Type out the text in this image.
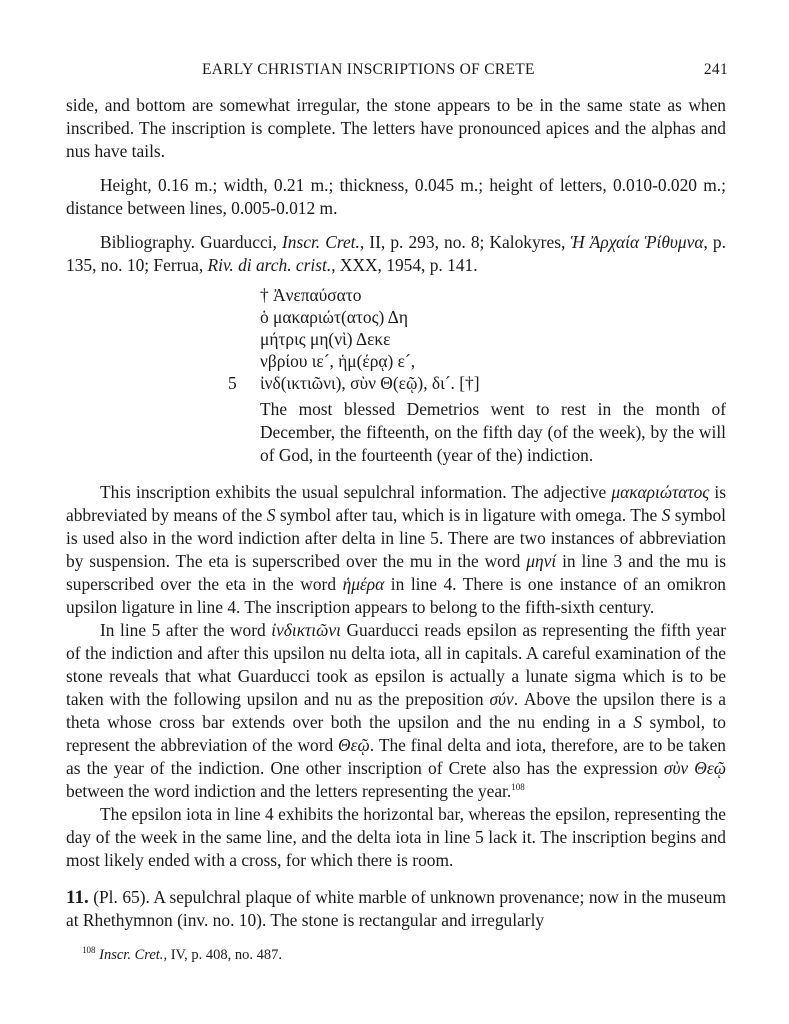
EARLY CHRISTIAN INSCRIPTIONS OF CRETE	241

side, and bottom are somewhat irregular, the stone appears to be in the same state as when inscribed. The inscription is complete. The letters have pronounced apices and the alphas and nus have tails.

Height, 0.16 m.; width, 0.21 m.; thickness, 0.045 m.; height of letters, 0.010-0.020 m.; distance between lines, 0.005-0.012 m.

Bibliography. Guarducci, Inscr. Cret., II, p. 293, no. 8; Kalokyres, Ἡ Ἀρχαία Ῥίθυμνα, p. 135, no. 10; Ferrua, Riv. di arch. crist., XXX, 1954, p. 141.

† Ἀνεπαύσατο
ὁ μακαριώτ(ατος) Δη
μήτρις μη(νὶ) Δεκε
νβρίου ιε´, ἡμ(έρᾳ) ε´,
5 ἰνδ(ικτιῶνι), σὺν Θ(εῷ), δι´. [†]

The most blessed Demetrios went to rest in the month of December, the fifteenth, on the fifth day (of the week), by the will of God, in the fourteenth (year of the) indiction.

This inscription exhibits the usual sepulchral information. The adjective μακαριώτατος is abbreviated by means of the S symbol after tau, which is in ligature with omega. The S symbol is used also in the word indiction after delta in line 5. There are two instances of abbreviation by suspension. The eta is superscribed over the mu in the word μηνί in line 3 and the mu is superscribed over the eta in the word ἡμέρα in line 4. There is one instance of an omikron upsilon ligature in line 4. The inscription appears to belong to the fifth-sixth century.

In line 5 after the word ἰνδικτιῶνι Guarducci reads epsilon as representing the fifth year of the indiction and after this upsilon nu delta iota, all in capitals. A careful examination of the stone reveals that what Guarducci took as epsilon is actually a lunate sigma which is to be taken with the following upsilon and nu as the preposition σύν. Above the upsilon there is a theta whose cross bar extends over both the upsilon and the nu ending in a S symbol, to represent the abbreviation of the word Θεῷ. The final delta and iota, therefore, are to be taken as the year of the indiction. One other inscription of Crete also has the expression σὺν Θεῷ between the word indiction and the letters representing the year.$^{108}$

The epsilon iota in line 4 exhibits the horizontal bar, whereas the epsilon, representing the day of the week in the same line, and the delta iota in line 5 lack it. The inscription begins and most likely ended with a cross, for which there is room.

11. (Pl. 65). A sepulchral plaque of white marble of unknown provenance; now in the museum at Rhethymnon (inv. no. 10). The stone is rectangular and irregularly

$^{108}$ Inscr. Cret., IV, p. 408, no. 487.
